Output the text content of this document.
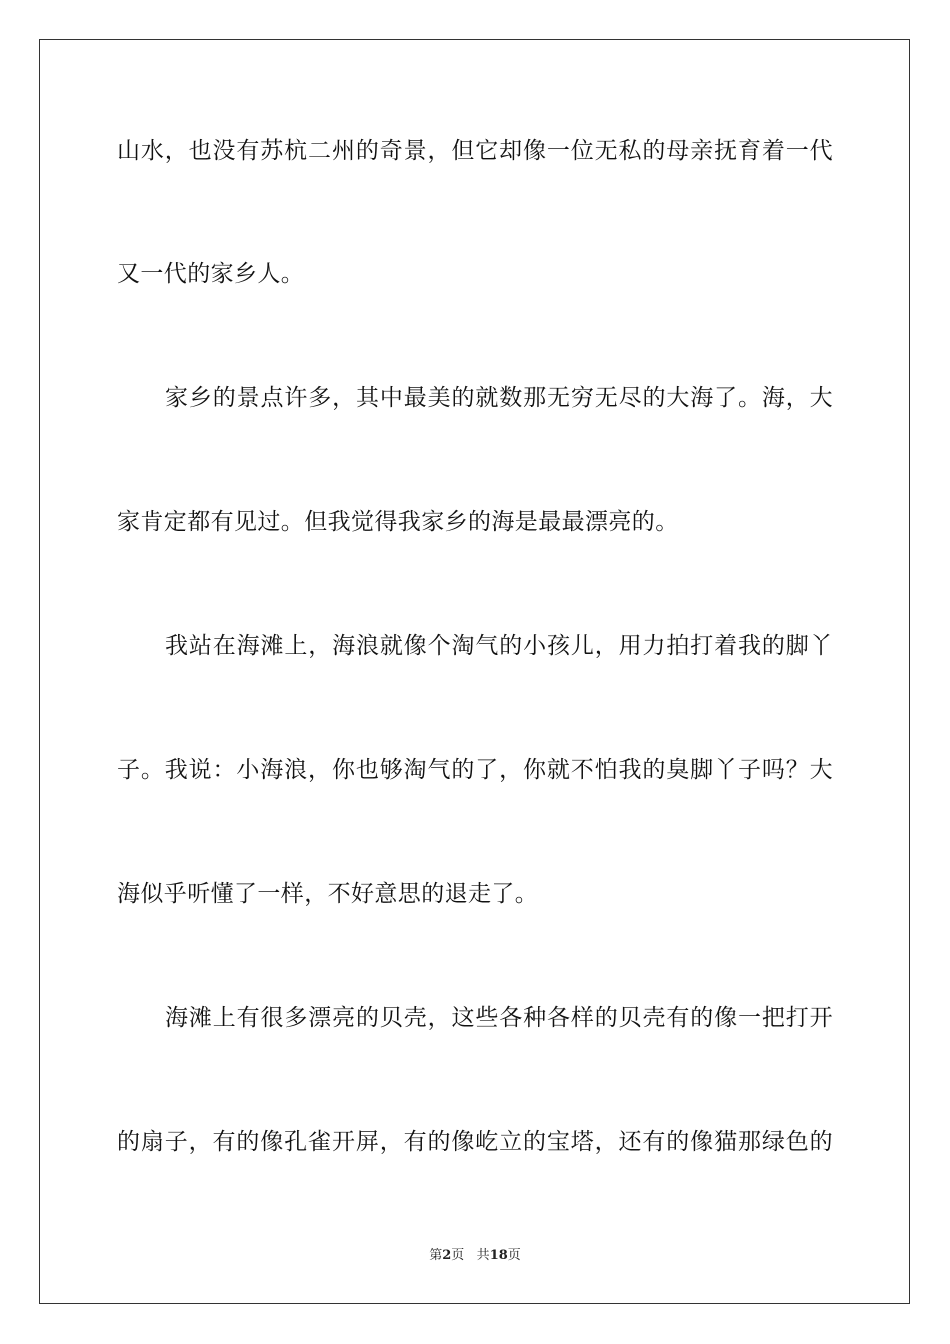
山水，也没有苏杭二州的奇景，但它却像一位无私的母亲抚育着一代
又一代的家乡人。
家乡的景点许多，其中最美的就数那无穷无尽的大海了。海，大
家肯定都有见过。但我觉得我家乡的海是最最漂亮的。
我站在海滩上，海浪就像个淘气的小孩儿，用力拍打着我的脚丫
子。我说：小海浪，你也够淘气的了，你就不怕我的臭脚丫子吗？大
海似乎听懂了一样，不好意思的退走了。
海滩上有很多漂亮的贝壳，这些各种各样的贝壳有的像一把打开
的扇子，有的像孔雀开屏，有的像屹立的宝塔，还有的像猫那绿色的
第2页 共18页
